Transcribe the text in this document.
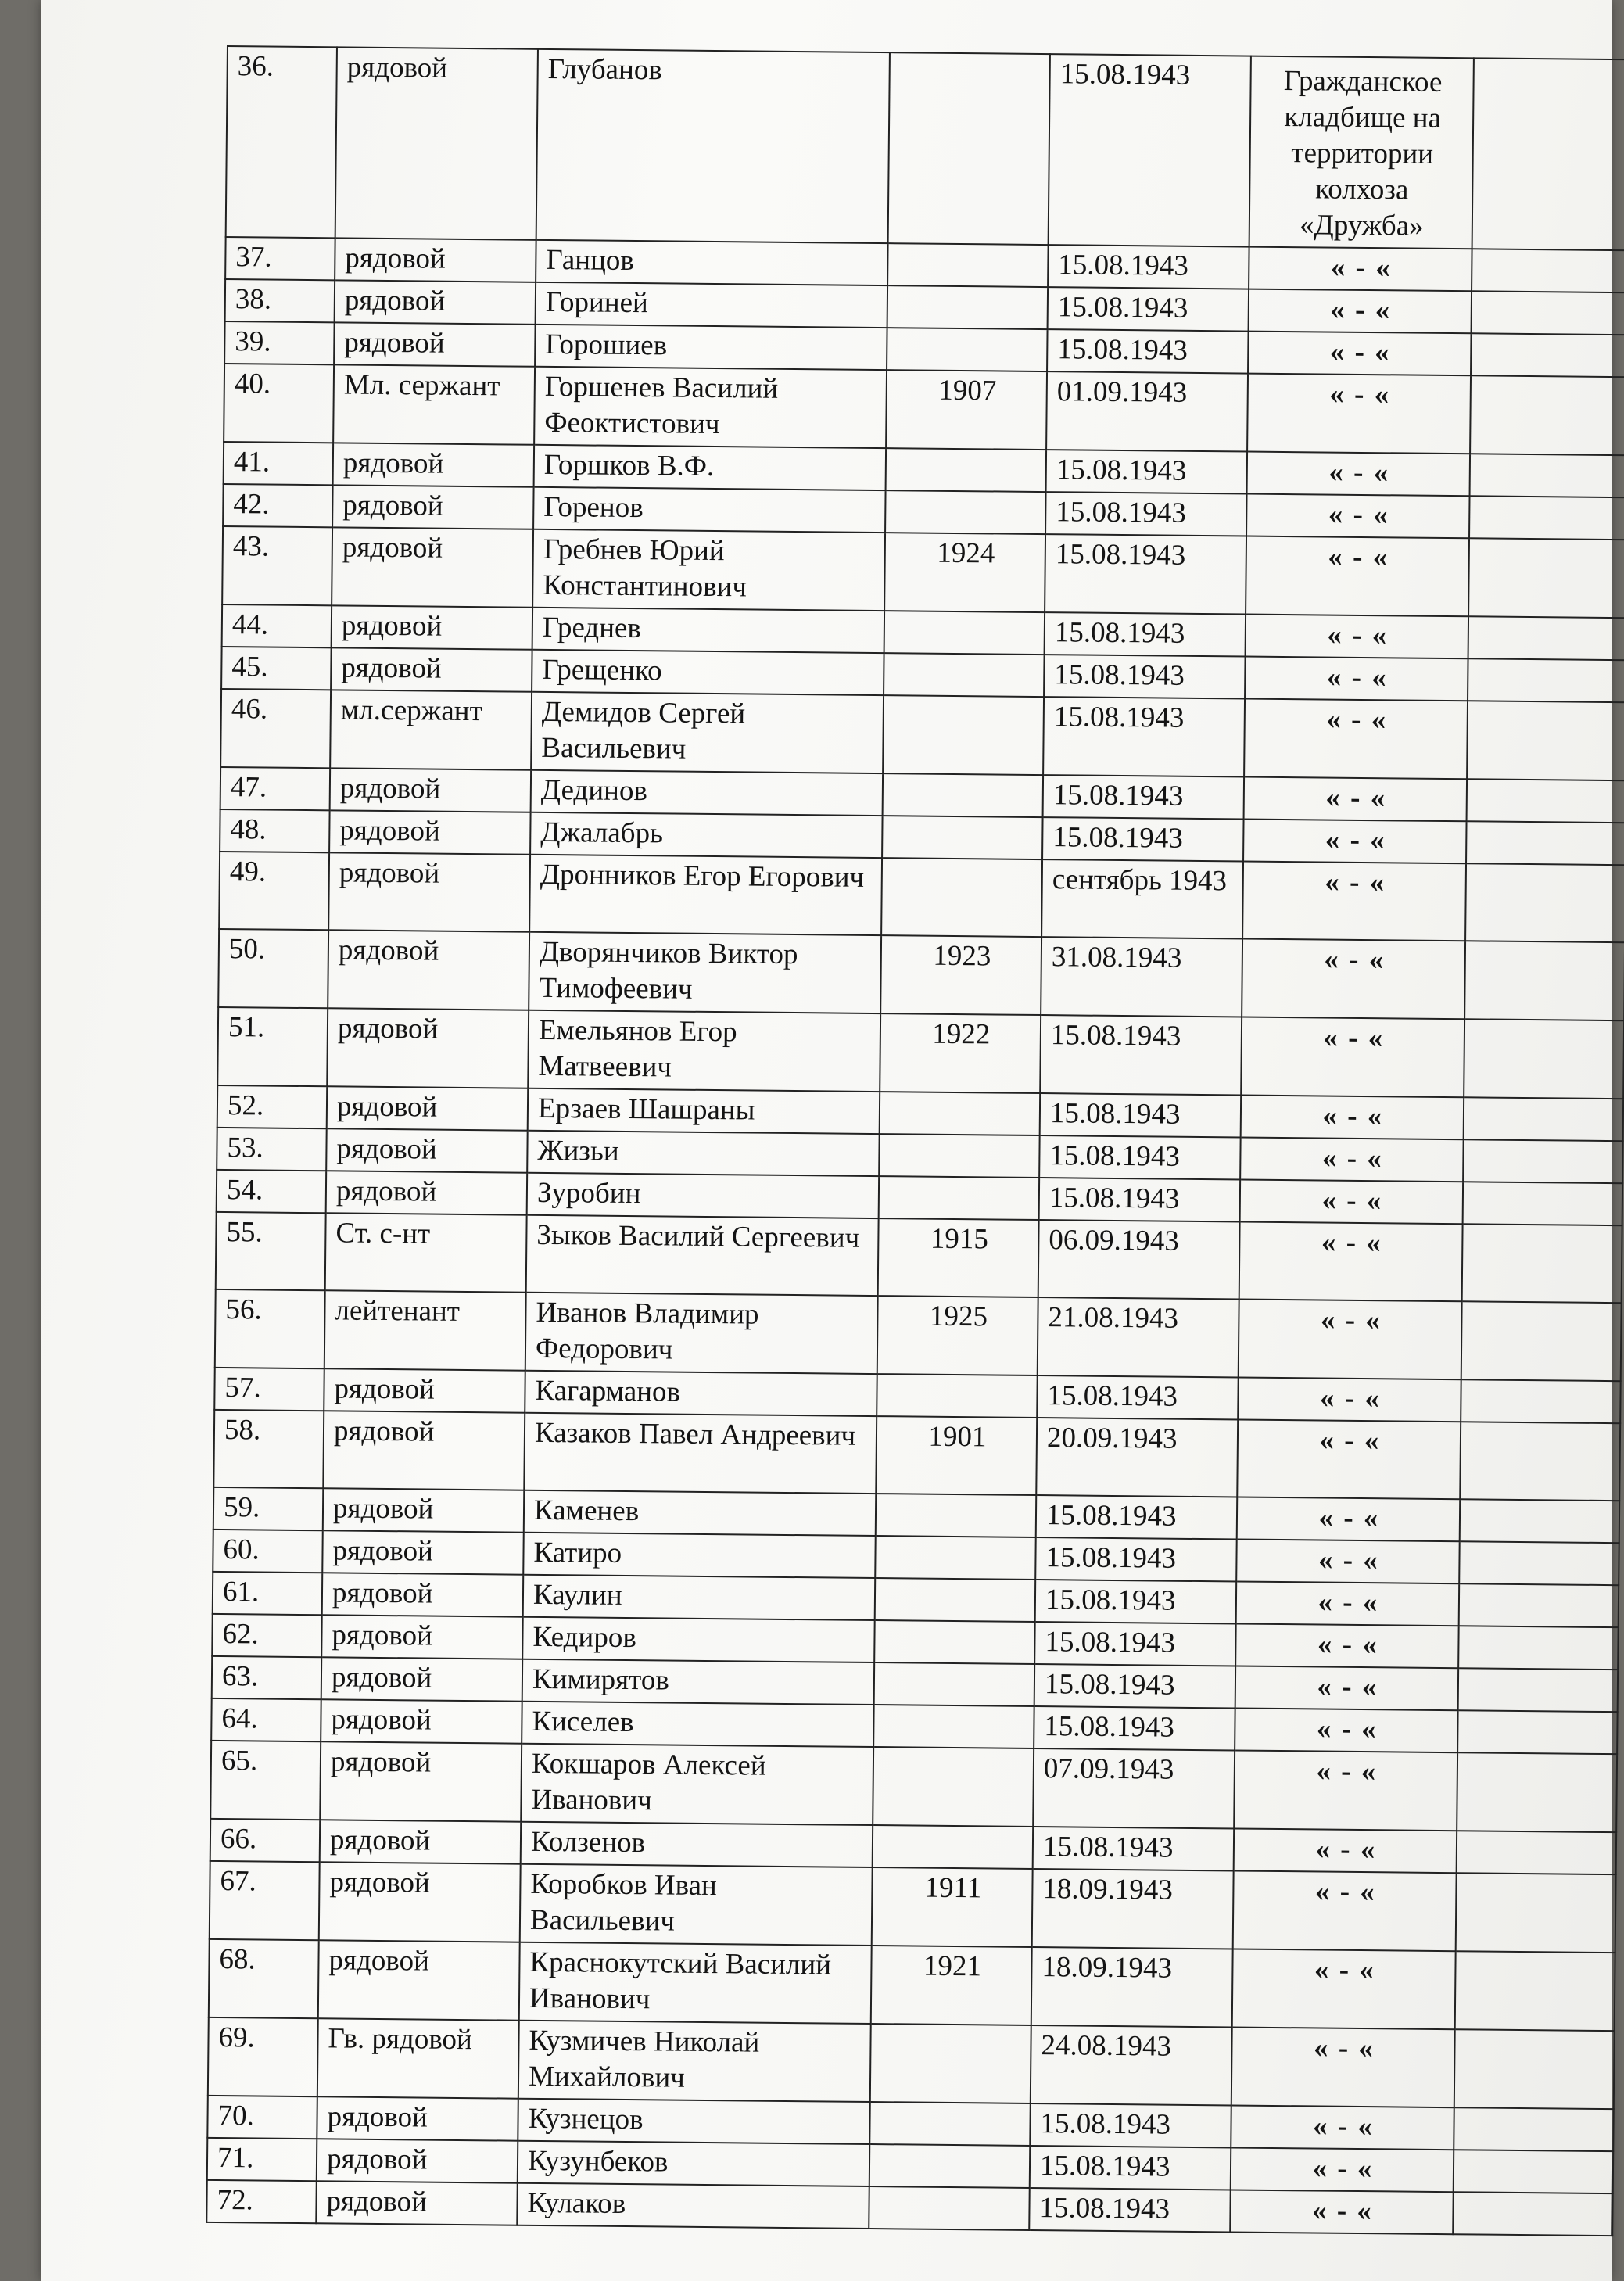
36.	рядовой	Глубанов		15.08.1943	Гражданское кладбище на территории колхоза «Дружба»	
37.	рядовой	Ганцов		15.08.1943	« - «	
38.	рядовой	Гориней		15.08.1943	« - «	
39.	рядовой	Горошиев		15.08.1943	« - «	
40.	Мл. сержант	Горшенев Василий Феоктистович	1907	01.09.1943	« - «	
41.	рядовой	Горшков В.Ф.		15.08.1943	« - «	
42.	рядовой	Горенов		15.08.1943	« - «	
43.	рядовой	Гребнев Юрий Константинович	1924	15.08.1943	« - «	
44.	рядовой	Греднев		15.08.1943	« - «	
45.	рядовой	Грещенко		15.08.1943	« - «	
46.	мл.сержант	Демидов Сергей Васильевич		15.08.1943	« - «	
47.	рядовой	Дединов		15.08.1943	« - «	
48.	рядовой	Джалабрь		15.08.1943	« - «	
49.	рядовой	Дронников Егор Егорович		сентябрь 1943	« - «	
50.	рядовой	Дворянчиков Виктор Тимофеевич	1923	31.08.1943	« - «	
51.	рядовой	Емельянов Егор Матвеевич	1922	15.08.1943	« - «	
52.	рядовой	Ерзаев Шашраны		15.08.1943	« - «	
53.	рядовой	Жизьи		15.08.1943	« - «	
54.	рядовой	Зуробин		15.08.1943	« - «	
55.	Ст. с-нт	Зыков Василий Сергеевич	1915	06.09.1943	« - «	
56.	лейтенант	Иванов Владимир Федорович	1925	21.08.1943	« - «	
57.	рядовой	Кагарманов		15.08.1943	« - «	
58.	рядовой	Казаков Павел Андреевич	1901	20.09.1943	« - «	
59.	рядовой	Каменев		15.08.1943	« - «	
60.	рядовой	Катиро		15.08.1943	« - «	
61.	рядовой	Каулин		15.08.1943	« - «	
62.	рядовой	Кедиров		15.08.1943	« - «	
63.	рядовой	Кимирятов		15.08.1943	« - «	
64.	рядовой	Киселев		15.08.1943	« - «	
65.	рядовой	Кокшаров Алексей Иванович		07.09.1943	« - «	
66.	рядовой	Колзенов		15.08.1943	« - «	
67.	рядовой	Коробков Иван Васильевич	1911	18.09.1943	« - «	
68.	рядовой	Краснокутский Василий Иванович	1921	18.09.1943	« - «	
69.	Гв. рядовой	Кузмичев Николай Михайлович		24.08.1943	« - «	
70.	рядовой	Кузнецов		15.08.1943	« - «	
71.	рядовой	Кузунбеков		15.08.1943	« - «	
72.	рядовой	Кулаков		15.08.1943	« - «	
